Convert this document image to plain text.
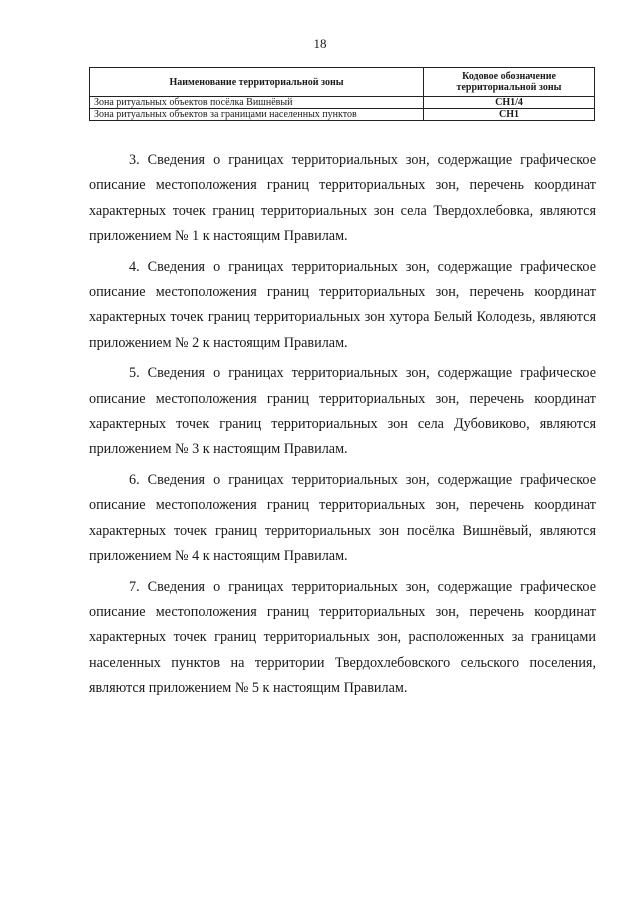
18
Наименование территориальной зоны	Кодовое обозначение территориальной зоны
Зона ритуальных объектов посёлка Вишнёвый	СН1/4
Зона ритуальных объектов за границами населенных пунктов	СН1

3. Сведения о границах территориальных зон, содержащие графическое описание местоположения границ территориальных зон, перечень координат характерных точек границ территориальных зон села Твердохлебовка, являются приложением № 1 к настоящим Правилам.

4. Сведения о границах территориальных зон, содержащие графическое описание местоположения границ территориальных зон, перечень координат характерных точек границ территориальных зон хутора Белый Колодезь, являются приложением № 2 к настоящим Правилам.

5. Сведения о границах территориальных зон, содержащие графическое описание местоположения границ территориальных зон, перечень координат характерных точек границ территориальных зон села Дубовиково, являются приложением № 3 к настоящим Правилам.

6. Сведения о границах территориальных зон, содержащие графическое описание местоположения границ территориальных зон, перечень координат характерных точек границ территориальных зон посёлка Вишнёвый, являются приложением № 4 к настоящим Правилам.

7. Сведения о границах территориальных зон, содержащие графическое описание местоположения границ территориальных зон, перечень координат характерных точек границ территориальных зон, расположенных за границами населенных пунктов на территории Твердохлебовского сельского поселения, являются приложением № 5 к настоящим Правилам.
